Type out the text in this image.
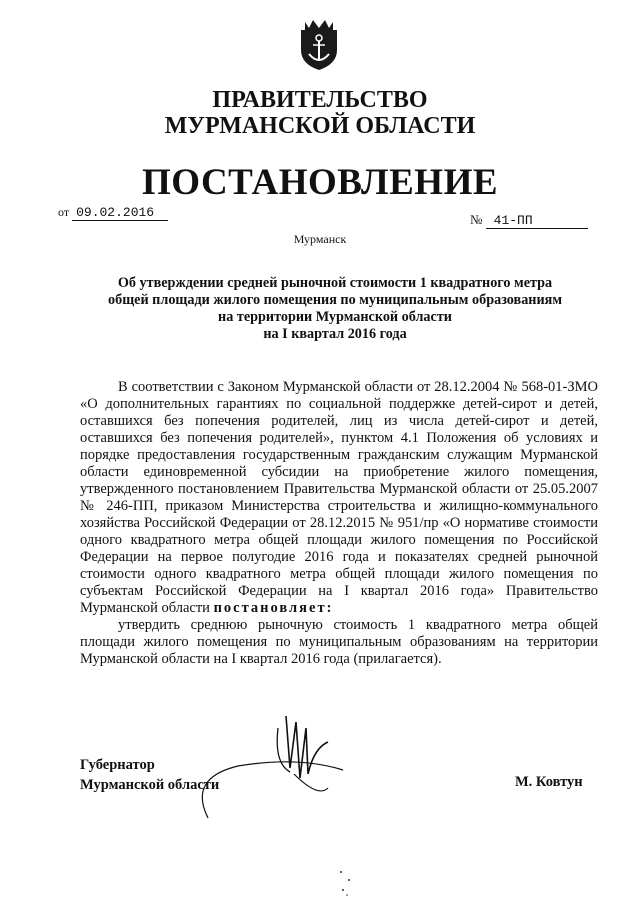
ПРАВИТЕЛЬСТВО
МУРМАНСКОЙ ОБЛАСТИ
ПОСТАНОВЛЕНИЕ
от 09.02.2016	№ 41-ПП
Мурманск
Об утверждении средней рыночной стоимости 1 квадратного метра
общей площади жилого помещения по муниципальным образованиям
на территории Мурманской области
на I квартал 2016 года

В соответствии с Законом Мурманской области от 28.12.2004 № 568-01-ЗМО «О дополнительных гарантиях по социальной поддержке детей-сирот и детей, оставшихся без попечения родителей, лиц из числа детей-сирот и детей, оставшихся без попечения родителей», пунктом 4.1 Положения об условиях и порядке предоставления государственным гражданским служащим Мурманской области единовременной субсидии на приобретение жилого помещения, утвержденного постановлением Правительства Мурманской области от 25.05.2007 № 246-ПП, приказом Министерства строительства и жилищно-коммунального хозяйства Российской Федерации от 28.12.2015 № 951/пр «О нормативе стоимости одного квадратного метра общей площади жилого помещения по Российской Федерации на первое полугодие 2016 года и показателях средней рыночной стоимости одного квадратного метра общей площади жилого помещения по субъектам Российской Федерации на I квартал 2016 года» Правительство Мурманской области постановляет:

утвердить среднюю рыночную стоимость 1 квадратного метра общей площади жилого помещения по муниципальным образованиям на территории Мурманской области на I квартал 2016 года (прилагается).

Губернатор
Мурманской области	М. Ковтун
